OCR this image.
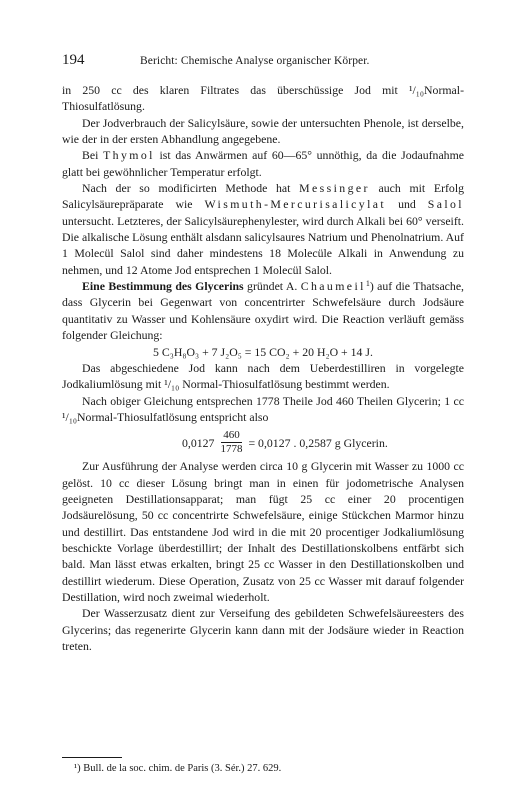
194	Bericht: Chemische Analyse organischer Körper.

in 250 cc des klaren Filtrates das überschüssige Jod mit ¹/₁₀Normal-Thiosulfatlösung.

Der Jodverbrauch der Salicylsäure, sowie der untersuchten Phenole, ist derselbe, wie der in der ersten Abhandlung angegebene.

Bei Thymol ist das Anwärmen auf 60—65° unnöthig, da die Jodaufnahme glatt bei gewöhnlicher Temperatur erfolgt.

Nach der so modificirten Methode hat Messinger auch mit Erfolg Salicylsäurepräparate wie Wismuth-Mercurisalicylat und Salol untersucht. Letzteres, der Salicylsäurephenylester, wird durch Alkali bei 60° verseift. Die alkalische Lösung enthält alsdann salicylsaures Natrium und Phenolnatrium. Auf 1 Molecül Salol sind daher mindestens 18 Molecüle Alkali in Anwendung zu nehmen, und 12 Atome Jod entsprechen 1 Molecül Salol.

Eine Bestimmung des Glycerins gründet A. Chaumeil$^1$) auf die Thatsache, dass Glycerin bei Gegenwart von concentrirter Schwefelsäure durch Jodsäure quantitativ zu Wasser und Kohlensäure oxydirt wird. Die Reaction verläuft gemäss folgender Gleichung:

5 C₃H₈O₃ + 7 J₂O₅ = 15 CO₂ + 20 H₂O + 14 J.

Das abgeschiedene Jod kann nach dem Ueberdestilliren in vorgelegte Jodkaliumlösung mit ¹/₁₀ Normal-Thiosulfatlösung bestimmt werden.

Nach obiger Gleichung entsprechen 1778 Theile Jod 460 Theilen Glycerin; 1 cc ¹/₁₀Normal-Thiosulfatlösung entspricht also

$0,0127 \frac{460}{1778} = 0,0127$ . 0,2587 g Glycerin.

Zur Ausführung der Analyse werden circa 10 g Glycerin mit Wasser zu 1000 cc gelöst. 10 cc dieser Lösung bringt man in einen für jodometrische Analysen geeigneten Destillationsapparat; man fügt 25 cc einer 20 procentigen Jodsäurelösung, 50 cc concentrirte Schwefelsäure, einige Stückchen Marmor hinzu und destillirt. Das entstandene Jod wird in die mit 20 procentiger Jodkaliumlösung beschickte Vorlage überdestillirt; der Inhalt des Destillationskolbens entfärbt sich bald. Man lässt etwas erkalten, bringt 25 cc Wasser in den Destillationskolben und destillirt wiederum. Diese Operation, Zusatz von 25 cc Wasser mit darauf folgender Destillation, wird noch zweimal wiederholt.

Der Wasserzusatz dient zur Verseifung des gebildeten Schwefelsäureesters des Glycerins; das regenerirte Glycerin kann dann mit der Jodsäure wieder in Reaction treten.

¹) Bull. de la soc. chim. de Paris (3. Sér.) 27. 629.
